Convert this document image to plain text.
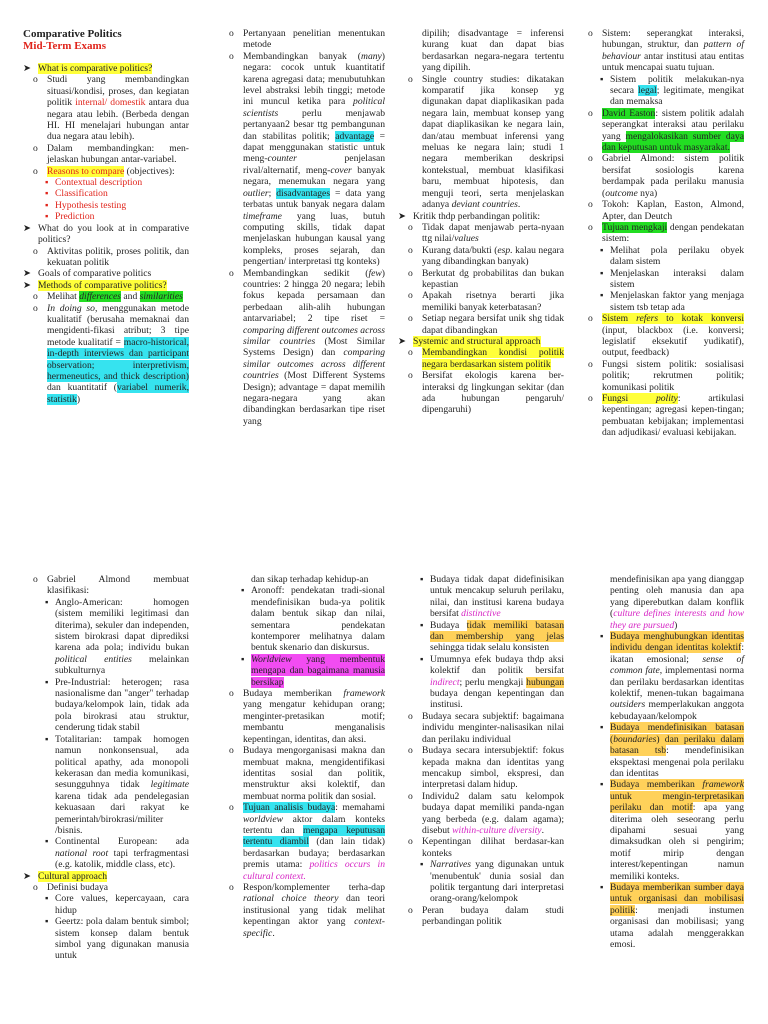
Comparative Politics

Mid-Term Exams

➤ What is comparative politics?

o Studi yang membandingkan situasi/kondisi, proses, dan kegiatan politik internal/ domestik antara dua negara atau lebih. (Berbeda dengan HI. HI menelajari hubungan antar dua negara atau lebih).

o Dalam membandingkan: men-jelaskan hubungan antar-variabel.

o Reasons to compare (objectives):

▪ Contextual description

▪ Classification

▪ Hypothesis testing

▪ Prediction

➤ What do you look at in comparative politics?

o Aktivitas politik, proses politik, dan kekuatan politik

➤ Goals of comparative politics

➤ Methods of comparative politics?

o Melihat differences and similarities

o In doing so, menggunakan metode kualitatif (berusaha memaknai dan mengidenti-fikasi atribut; 3 tipe metode kualitatif = macro-historical, in-depth interviews dan participant observation; interpretivism, hermeneutics, and thick description) dan kuantitatif (variabel numerik, statistik)

o Pertanyaan penelitian menentukan metode

o Membandingkan banyak (many) negara: cocok untuk kuantitatif karena agregasi data; menubutuhkan level abstraksi lebih tinggi; metode ini muncul ketika para political scientists perlu menjawab pertanyaan2 besar ttg pembangunan dan stabilitas politik; advantage = dapat menggunakan statistic untuk meng-counter penjelasan rival/alternatif, meng-cover banyak negara, menemukan negara yang outlier; disadvantages = data yang terbatas untuk banyak negara dalam timeframe yang luas, butuh computing skills, tidak dapat menjelaskan hubungan kausal yang kompleks, proses sejarah, dan pengertian/ interpretasi ttg konteks)

o Membandingkan sedikit (few) countries: 2 hingga 20 negara; lebih fokus kepada persamaan dan perbedaan alih-alih hubungan antarvariabel; 2 tipe riset = comparing different outcomes across similar countries (Most Similar Systems Design) dan comparing similar outcomes across different countries (Most Different Systems Design); advantage = dapat memilih negara-negara yang akan dibandingkan berdasarkan tipe riset yang

dipilih; disadvantage = inferensi kurang kuat dan dapat bias berdasarkan negara-negara tertentu yang dipilih.

o Single country studies: dikatakan komparatif jika konsep yg digunakan dapat diaplikasikan pada negara lain, membuat konsep yang dapat diaplikasikan ke negara lain, dan/atau membuat inferensi yang meluas ke negara lain; studi 1 negara memberikan deskripsi kontekstual, membuat klasifikasi baru, membuat hipotesis, dan menguji teori, serta menjelaskan adanya deviant countries.

➤ Kritik thdp perbandingan politik:

o Tidak dapat menjawab perta-nyaan ttg nilai/values

o Kurang data/bukti (esp. kalau negara yang dibandingkan banyak)

o Berkutat dg probabilitas dan bukan kepastian

o Apakah risetnya berarti jika memiliki banyak keterbatasan?

o Setiap negara bersifat unik shg tidak dapat dibandingkan

➤ Systemic and structural approach

o Membandingkan kondisi politik negara berdasarkan sistem politik

o Bersifat ekologis karena ber-interaksi dg lingkungan sekitar (dan ada hubungan pengaruh/ dipengaruhi)

o Sistem: seperangkat interaksi, hubungan, struktur, dan pattern of behaviour antar institusi atau entitas untuk mencapai suatu tujuan.

▪ Sistem politik melakukan-nya secara legal; legitimate, mengikat dan memaksa

o David Easton: sistem politik adalah seperangkat interaksi atau perilaku yang mengalokasikan sumber daya dan keputusan untuk masyarakat.

o Gabriel Almond: sistem politik bersifat sosiologis karena berdampak pada perilaku manusia (outcome nya)

o Tokoh: Kaplan, Easton, Almond, Apter, dan Deutch

o Tujuan mengkaji dengan pendekatan sistem:

▪ Melihat pola perilaku obyek dalam sistem

▪ Menjelaskan interaksi dalam sistem

▪ Menjelaskan faktor yang menjaga sistem tsb tetap ada

o Sistem refers to kotak konversi (input, blackbox (i.e. konversi; legislatif eksekutif yudikatif), output, feedback)

o Fungsi sistem politik: sosialisasi politik; rekrutmen politik; komunikasi politik

o Fungsi polity: artikulasi kepentingan; agregasi kepen-tingan; pembuatan kebijakan; implementasi dan adjudikasi/ evaluasi kebijakan.

o Gabriel Almond membuat klasifikasi:

▪ Anglo-American: homogen (sistem memiliki legitimasi dan diterima), sekuler dan independen, sistem birokrasi dapat diprediksi karena ada pola; individu bukan political entities melainkan subkulturnya

▪ Pre-Industrial: heterogen; rasa nasionalisme dan "anger" terhadap budaya/kelompok lain, tidak ada pola birokrasi atau struktur, cenderung tidak stabil

▪ Totalitarian: tampak homogen namun nonkonsensual, ada political apathy, ada monopoli kekerasan dan media komunikasi, sesungguhnya tidak legitimate karena tidak ada pendelegasian kekuasaan dari rakyat ke pemerintah/birokrasi/militer /bisnis.

▪ Continental European: ada national root tapi terfragmentasi (e.g. katolik, middle class, etc).

➤ Cultural approach

o Definisi budaya

▪ Core values, kepercayaan, cara hidup

▪ Geertz: pola dalam bentuk simbol; sistem konsep dalam bentuk simbol yang digunakan manusia untuk

dan sikap terhadap kehidup-an

▪ Aronoff: pendekatan tradi-sional mendefinisikan buda-ya politik dalam bentuk sikap dan nilai, sementara pendekatan kontemporer melihatnya dalam bentuk skenario dan diskursus.

▪ Worldview yang membentuk mengapa dan bagaimana manusia bersikap

o Budaya memberikan framework yang mengatur kehidupan orang; menginter-pretasikan motif; membantu menganalisis kepentingan, identitas, dan aksi.

o Budaya mengorganisasi makna dan membuat makna, mengidentifikasi identitas sosial dan politik, menstruktur aksi kolektif, dan membuat norma politik dan sosial.

o Tujuan analisis budaya: memahami worldview aktor dalam konteks tertentu dan mengapa keputusan tertentu diambil (dan lain tidak) berdasarkan budaya; berdasarkan premis utama: politics occurs in cultural context.

o Respon/komplementer terha-dap rational choice theory dan teori institusional yang tidak melihat kepentingan aktor yang context-specific.

▪ Budaya tidak dapat didefinisikan untuk mencakup seluruh perilaku, nilai, dan institusi karena budaya bersifat distinctive

▪ Budaya tidak memiliki batasan dan membership yang jelas sehingga tidak selalu konsisten

▪ Umumnya efek budaya thdp aksi kolektif dan politik bersifat indirect; perlu mengkaji hubungan budaya dengan kepentingan dan institusi.

o Budaya secara subjektif: bagaimana individu menginter-nalisasikan nilai dan perilaku individual

o Budaya secara intersubjektif: fokus kepada makna dan identitas yang mencakup simbol, ekspresi, dan interpretasi dalam hidup.

o Individu2 dalam satu kelompok budaya dapat memiliki panda-ngan yang berbeda (e.g. dalam agama); disebut within-culture diversity.

o Kepentingan dilihat berdasar-kan konteks

▪ Narratives yang digunakan untuk 'menubentuk' dunia sosial dan politik tergantung dari interpretasi orang-orang/kelompok

o Peran budaya dalam studi perbandingan politik

mendefinisikan apa yang dianggap penting oleh manusia dan apa yang diperebutkan dalam konflik (culture defines interests and how they are pursued)

▪ Budaya menghubungkan identitas individu dengan identitas kolektif: ikatan emosional; sense of common fate, implementasi norma dan perilaku berdasarkan identitas kolektif, menen-tukan bagaimana outsiders memperlakukan anggota kebudayaan/kelompok

▪ Budaya mendefinisikan batasan (boundaries) dan perilaku dalam batasan tsb: mendefinisikan ekspektasi mengenai pola perilaku dan identitas

▪ Budaya memberikan framework untuk mengin-terpretasikan perilaku dan motif: apa yang diterima oleh seseorang perlu dipahami sesuai yang dimaksudkan oleh si pengirim; motif mirip dengan interest/kepentingan namun memiliki konteks.

▪ Budaya memberikan sumber daya untuk organisasi dan mobilisasi politik: menjadi instumen organisasi dan mobilisasi; yang utama adalah menggerakkan emosi.
